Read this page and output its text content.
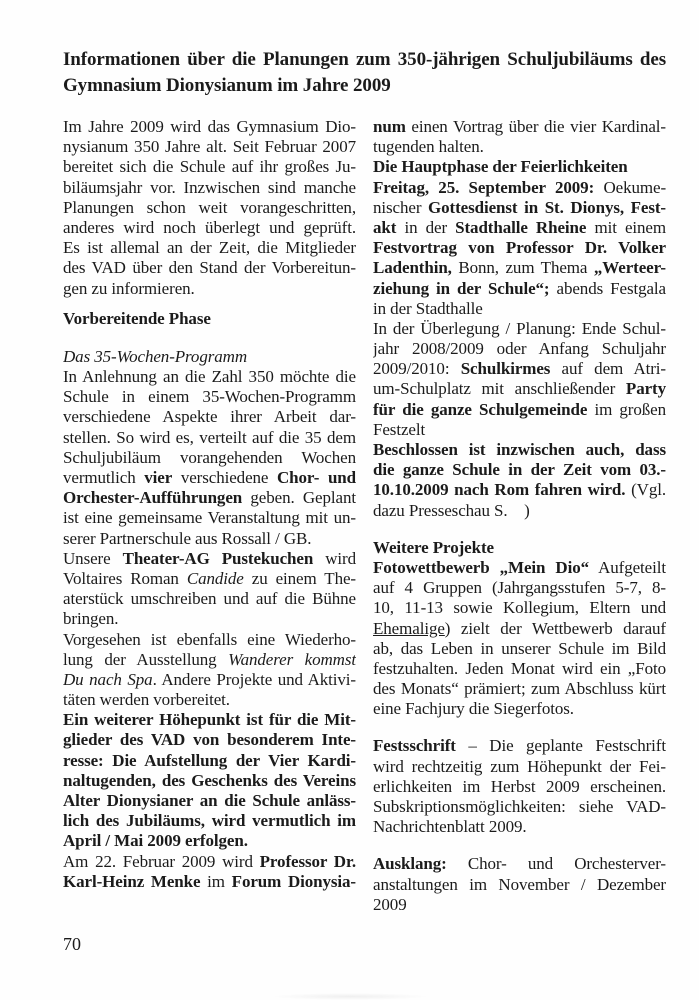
Informationen über die Planungen zum 350-jährigen Schuljubiläums des
Gymnasium Dionysianum im Jahre 2009
Im Jahre 2009 wird das Gymnasium Dio-
nysianum 350 Jahre alt. Seit Februar 2007
bereitet sich die Schule auf ihr großes Ju-
biläumsjahr vor. Inzwischen sind manche
Planungen schon weit vorangeschritten,
anderes wird noch überlegt und geprüft.
Es ist allemal an der Zeit, die Mitglieder
des VAD über den Stand der Vorbereitun-
gen zu informieren.
Vorbereitende Phase
Das 35-Wochen-Programm
In Anlehnung an die Zahl 350 möchte die
Schule in einem 35-Wochen-Programm
verschiedene Aspekte ihrer Arbeit dar-
stellen. So wird es, verteilt auf die 35 dem
Schuljubiläum vorangehenden Wochen
vermutlich vier verschiedene Chor- und
Orchester-Aufführungen geben. Geplant
ist eine gemeinsame Veranstaltung mit un-
serer Partnerschule aus Rossall / GB.
Unsere Theater-AG Pustekuchen wird
Voltaires Roman Candide zu einem The-
aterstück umschreiben und auf die Bühne
bringen.
Vorgesehen ist ebenfalls eine Wiederho-
lung der Ausstellung Wanderer kommst
Du nach Spa. Andere Projekte und Aktivi-
täten werden vorbereitet.
Ein weiterer Höhepunkt ist für die Mit-
glieder des VAD von besonderem Inte-
resse: Die Aufstellung der Vier Kardi-
naltugenden, des Geschenks des Vereins
Alter Dionysianer an die Schule anläss-
lich des Jubiläums, wird vermutlich im
April / Mai 2009 erfolgen.
Am 22. Februar 2009 wird Professor Dr.
Karl-Heinz Menke im Forum Dionysia-
num einen Vortrag über die vier Kardinal-
tugenden halten.
Die Hauptphase der Feierlichkeiten
Freitag, 25. September 2009: Oekume-
nischer Gottesdienst in St. Dionys, Fest-
akt in der Stadthalle Rheine mit einem
Festvortrag von Professor Dr. Volker
Ladenthin, Bonn, zum Thema „Werteer-
ziehung in der Schule“; abends Festgala
in der Stadthalle
In der Überlegung / Planung: Ende Schul-
jahr 2008/2009 oder Anfang Schuljahr
2009/2010: Schulkirmes auf dem Atri-
um-Schulplatz mit anschließender Party
für die ganze Schulgemeinde im großen
Festzelt
Beschlossen ist inzwischen auch, dass
die ganze Schule in der Zeit vom 03.-
10.10.2009 nach Rom fahren wird. (Vgl.
dazu Presseschau S.    )
Weitere Projekte
Fotowettbewerb „Mein Dio“ Aufgeteilt
auf 4 Gruppen (Jahrgangsstufen 5-7, 8-
10, 11-13 sowie Kollegium, Eltern und
Ehemalige) zielt der Wettbewerb darauf
ab, das Leben in unserer Schule im Bild
festzuhalten. Jeden Monat wird ein „Foto
des Monats“ prämiert; zum Abschluss kürt
eine Fachjury die Siegerfotos.
Festsschrift – Die geplante Festschrift
wird rechtzeitig zum Höhepunkt der Fei-
erlichkeiten im Herbst 2009 erscheinen.
Subskriptionsmöglichkeiten: siehe VAD-
Nachrichtenblatt 2009.
Ausklang: Chor- und Orchesterver-
anstaltungen im November / Dezember
2009
70
